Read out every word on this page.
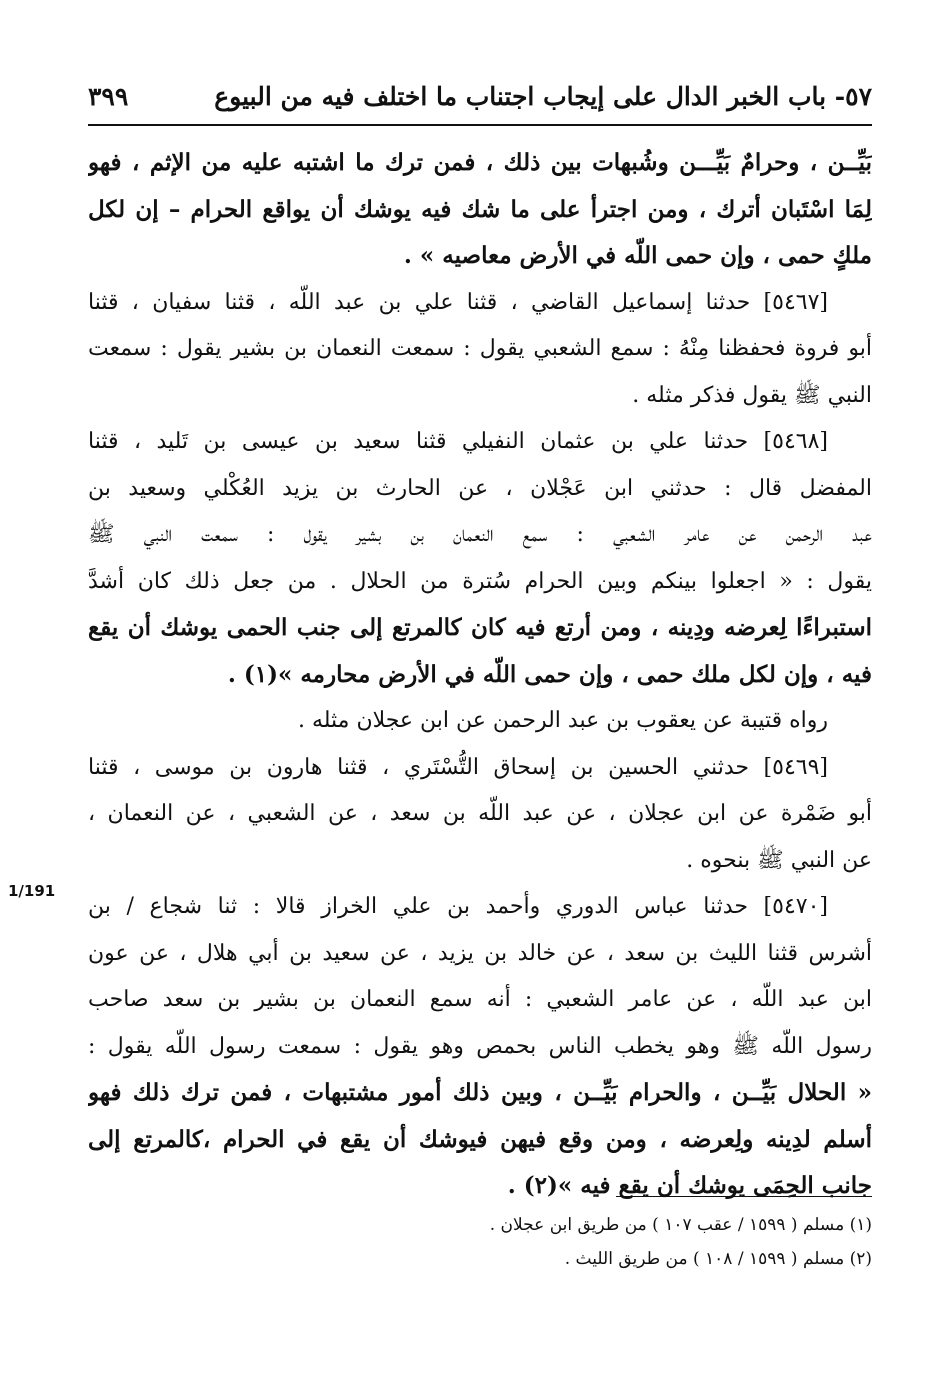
٥٧- باب الخبر الدال على إيجاب اجتناب ما اختلف فيه من البيوع
٣٩٩
1/191
بَيِّــن ، وحرامٌ بَيِّـــن وشُبهات بين ذلك ، فمن ترك ما اشتبه عليه من الإثم ، فهو
لِمَا اسْتَبان أترك ، ومن اجترأ على ما شك فيه يوشك أن يواقع الحرام – إن لكل
ملكٍ حمى ، وإن حمى اللّه في الأرض معاصيه » .
[٥٤٦٧] حدثنا إسماعيل القاضي ، قثنا علي بن عبد اللّه ، قثنا سفيان ، قثنا
أبو فروة فحفظنا مِنْهُ : سمع الشعبي يقول : سمعت النعمان بن بشير يقول : سمعت
النبي ﷺ يقول فذكر مثله .
[٥٤٦٨] حدثنا علي بن عثمان النفيلي قثنا سعيد بن عيسى بن تَليد ، قثنا
المفضل قال : حدثني ابن عَجْلان ، عن الحارث بن يزيد العُكْلي وسعيد بن
عبد الرحمن عن عامر الشعبي : سمع النعمان بن بشير يقول : سمعت النبي ﷺ
يقول : « اجعلوا بينكم وبين الحرام سُترة من الحلال . من جعل ذلك كان أشدَّ
استبراءًا لِعرضه ودِينه ، ومن أرتع فيه كان كالمرتع إلى جنب الحمى يوشك أن يقع
فيه ، وإن لكل ملك حمى ، وإن حمى اللّه في الأرض محارمه »(١) .
رواه قتيبة عن يعقوب بن عبد الرحمن عن ابن عجلان مثله .
[٥٤٦٩] حدثني الحسين بن إسحاق التُّسْتَري ، قثنا هارون بن موسى ، قثنا
أبو ضَمْرة عن ابن عجلان ، عن عبد اللّه بن سعد ، عن الشعبي ، عن النعمان ،
عن النبي ﷺ بنحوه .
[٥٤٧٠] حدثنا عباس الدوري وأحمد بن علي الخراز قالا : ثنا شجاع / بن
أشرس قثنا الليث بن سعد ، عن خالد بن يزيد ، عن سعيد بن أبي هلال ، عن عون
ابن عبد اللّه ، عن عامر الشعبي : أنه سمع النعمان بن بشير بن سعد صاحب
رسول اللّه ﷺ وهو يخطب الناس بحمص وهو يقول : سمعت رسول اللّه يقول :
« الحلال بَيِّــن ، والحرام بَيِّــن ، وبين ذلك أمور مشتبهات ، فمن ترك ذلك فهو
أسلم لدِينه ولِعرضه ، ومن وقع فيهن فيوشك أن يقع في الحرام ،كالمرتع إلى
جانب الحِمَى يوشك أن يقع فيه »(٢) .
(١) مسلم ( ١٥٩٩ / عقب ١٠٧ ) من طريق ابن عجلان .
(٢) مسلم ( ١٥٩٩ / ١٠٨ ) من طريق الليث .
